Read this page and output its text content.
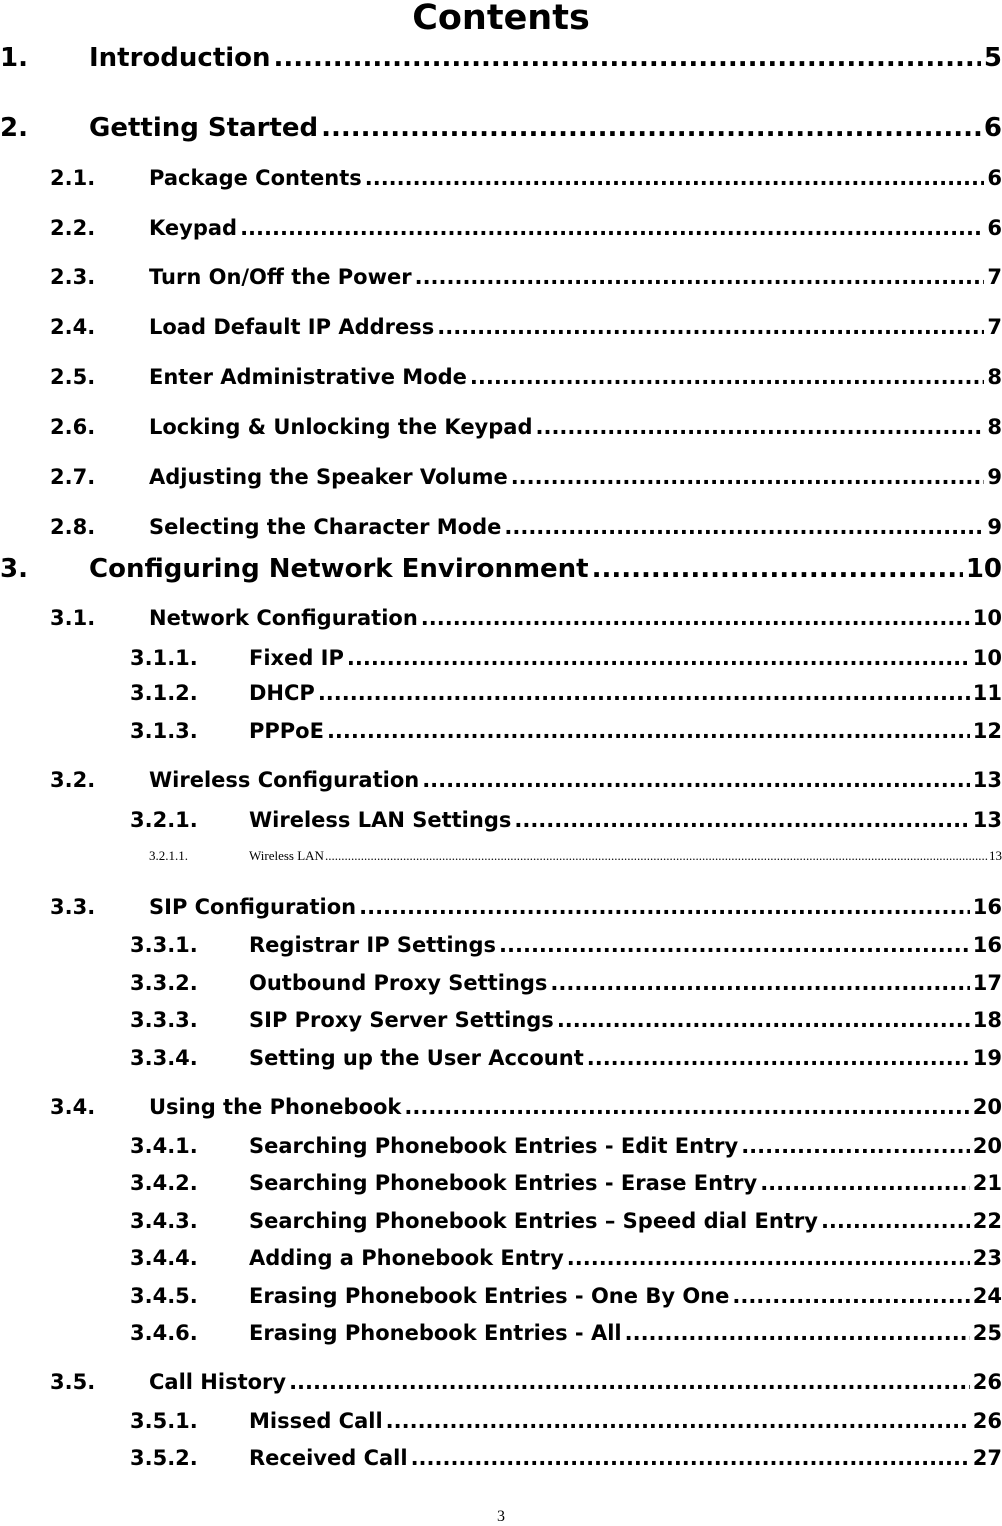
Contents
1.	Introduction .....	5
2.	Getting Started .....	6
2.1.	Package Contents .....	6
2.2.	Keypad .....	6
2.3.	Turn On/Off the Power .....	7
2.4.	Load Default IP Address .....	7
2.5.	Enter Administrative Mode .....	8
2.6.	Locking & Unlocking the Keypad .....	8
2.7.	Adjusting the Speaker Volume .....	9
2.8.	Selecting the Character Mode .....	9
3.	Configuring Network Environment .....	10
3.1.	Network Configuration .....	10
3.1.1.	Fixed IP .....	10
3.1.2.	DHCP .....	11
3.1.3.	PPPoE .....	12
3.2.	Wireless Configuration .....	13
3.2.1.	Wireless LAN Settings .....	13
3.2.1.1.	Wireless LAN .....	13
3.3.	SIP Configuration .....	16
3.3.1.	Registrar IP Settings .....	16
3.3.2.	Outbound Proxy Settings .....	17
3.3.3.	SIP Proxy Server Settings .....	18
3.3.4.	Setting up the User Account .....	19
3.4.	Using the Phonebook .....	20
3.4.1.	Searching Phonebook Entries - Edit Entry .....	20
3.4.2.	Searching Phonebook Entries - Erase Entry .....	21
3.4.3.	Searching Phonebook Entries – Speed dial Entry .....	22
3.4.4.	Adding a Phonebook Entry .....	23
3.4.5.	Erasing Phonebook Entries - One By One .....	24
3.4.6.	Erasing Phonebook Entries - All .....	25
3.5.	Call History .....	26
3.5.1.	Missed Call .....	26
3.5.2.	Received Call .....	27
3
